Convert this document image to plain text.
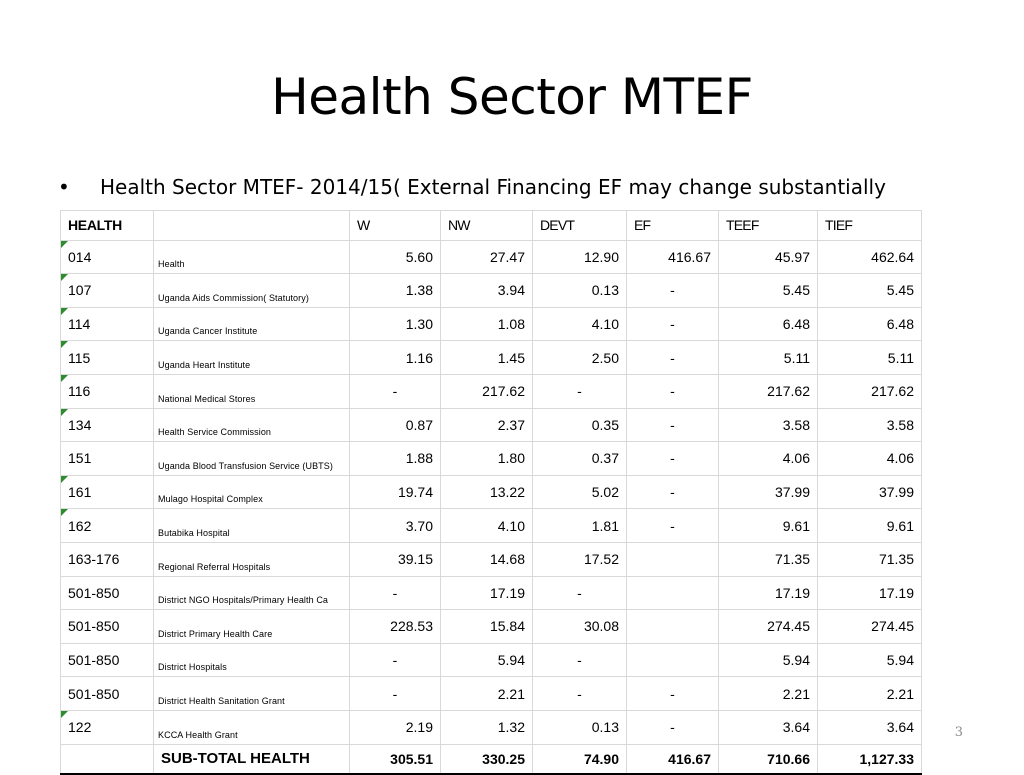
Health Sector MTEF
• Health Sector MTEF- 2014/15( External Financing EF may change substantially
HEALTH		W	NW	DEVT	EF	TEEF	TIEF

014	Health	5.60	27.47	12.90	416.67	45.97	462.64

107	Uganda Aids Commission( Statutory)	1.38	3.94	0.13	-	5.45	5.45

114	Uganda Cancer Institute	1.30	1.08	4.10	-	6.48	6.48

115	Uganda Heart Institute	1.16	1.45	2.50	-	5.11	5.11

116	National Medical Stores	-	217.62	-	-	217.62	217.62

134	Health Service Commission	0.87	2.37	0.35	-	3.58	3.58
151	Uganda Blood Transfusion Service (UBTS)	1.88	1.80	0.37	-	4.06	4.06

161	Mulago Hospital Complex	19.74	13.22	5.02	-	37.99	37.99

162	Butabika Hospital	3.70	4.10	1.81	-	9.61	9.61
163-176	Regional Referral Hospitals	39.15	14.68	17.52		71.35	71.35
501-850	District NGO Hospitals/Primary Health Ca	-	17.19	-		17.19	17.19
501-850	District Primary Health Care	228.53	15.84	30.08		274.45	274.45
501-850	District Hospitals	-	5.94	-		5.94	5.94
501-850	District Health Sanitation Grant	-	2.21	-	-	2.21	2.21

122	KCCA Health Grant	2.19	1.32	0.13	-	3.64	3.64
	SUB-TOTAL HEALTH	305.51	330.25	74.90	416.67	710.66	1,127.33
3
